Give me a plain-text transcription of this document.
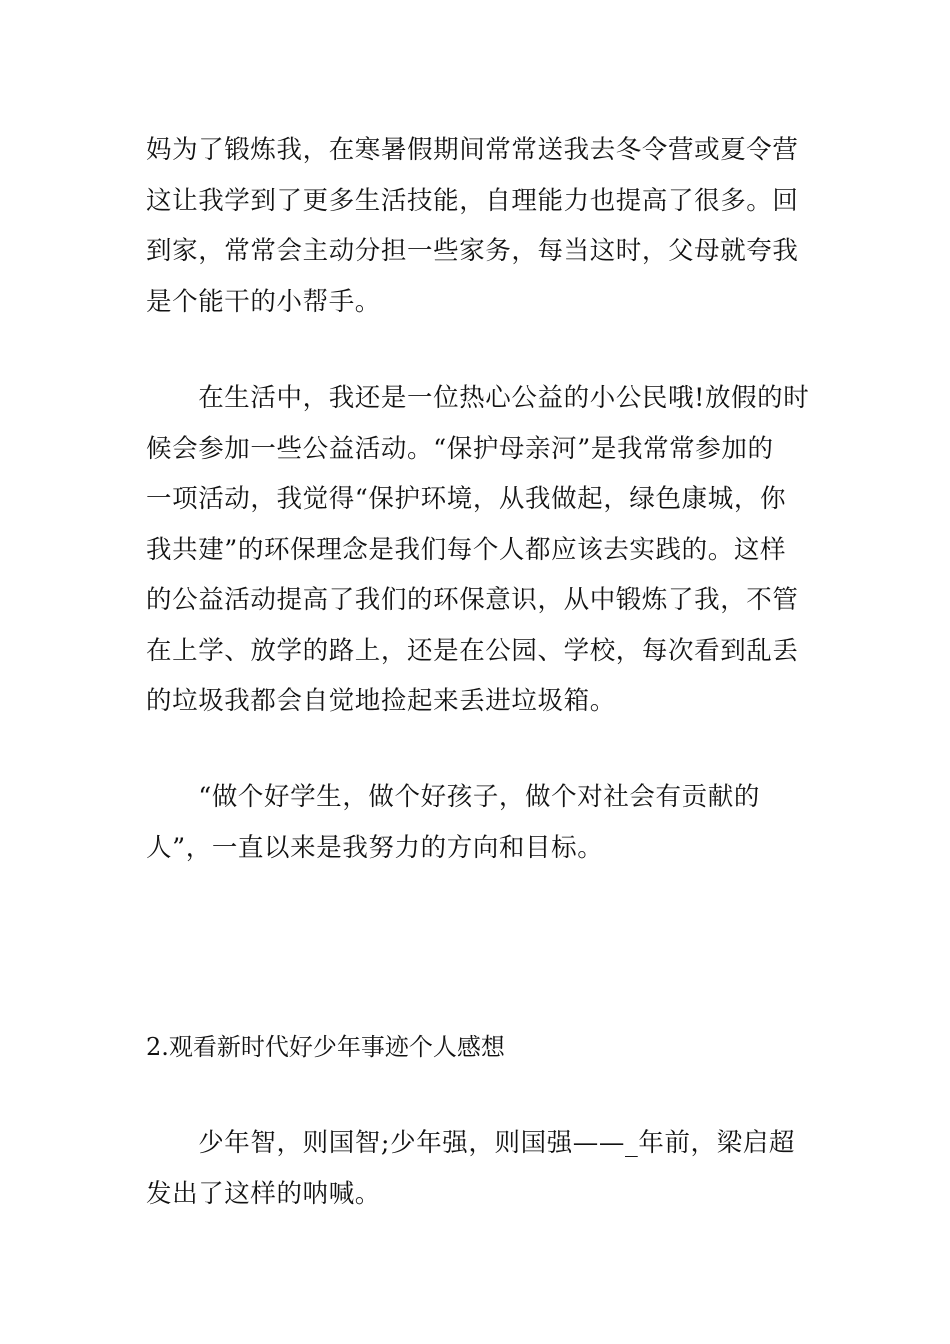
妈为了锻炼我，在寒暑假期间常常送我去冬令营或夏令营
这让我学到了更多生活技能，自理能力也提高了很多。回
到家，常常会主动分担一些家务，每当这时，父母就夸我
是个能干的小帮手。

　　在生活中，我还是一位热心公益的小公民哦!放假的时
候会参加一些公益活动。“保护母亲河”是我常常参加的
一项活动，我觉得“保护环境，从我做起，绿色康城，你
我共建”的环保理念是我们每个人都应该去实践的。这样
的公益活动提高了我们的环保意识，从中锻炼了我，不管
在上学、放学的路上，还是在公园、学校，每次看到乱丢
的垃圾我都会自觉地捡起来丢进垃圾箱。

　　“做个好学生，做个好孩子，做个对社会有贡献的
人”，一直以来是我努力的方向和目标。

2.观看新时代好少年事迹个人感想

　　少年智，则国智;少年强，则国强——_年前，梁启超
发出了这样的呐喊。
